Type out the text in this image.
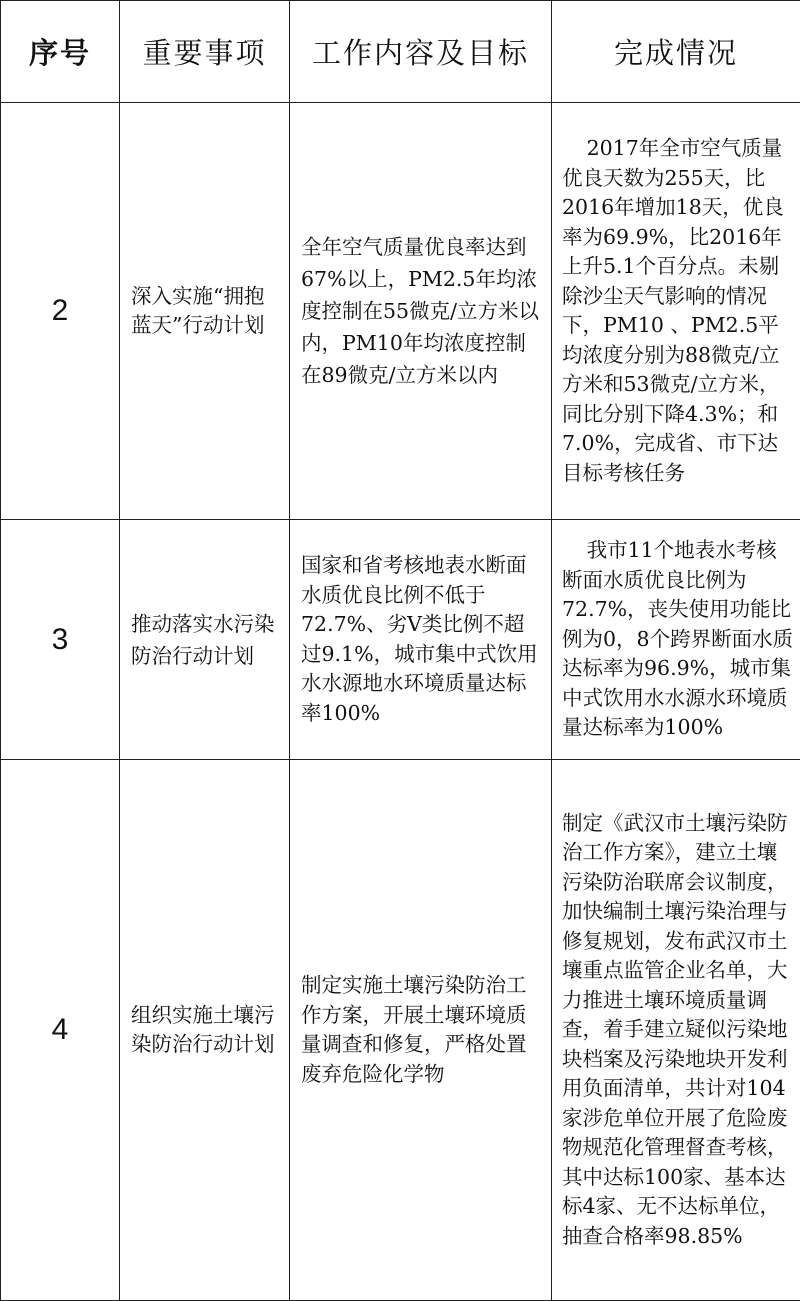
序号	重要事项	工作内容及目标	完成情况
2	深入实施“拥抱蓝天”行动计划	全年空气质量优良率达到67%以上，PM2.5年均浓度控制在55微克/立方米以内，PM10年均浓度控制在89微克/立方米以内	2017年全市空气质量优良天数为255天，比2016年增加18天，优良率为69.9%，比2016年上升5.1个百分点。未剔除沙尘天气影响的情况下，PM10 、PM2.5平均浓度分别为88微克/立方米和53微克/立方米，同比分别下降4.3%；和7.0%，完成省、市下达目标考核任务

3	推动落实水污染防治行动计划	国家和省考核地表水断面水质优良比例不低于72.7%、劣Ⅴ类比例不超过9.1%，城市集中式饮用水水源地水环境质量达标率100%	我市11个地表水考核断面水质优良比例为72.7%，丧失使用功能比例为0，8个跨界断面水质达标率为96.9%，城市集中式饮用水水源水环境质量达标率为100%

4	组织实施土壤污染防治行动计划	制定实施土壤污染防治工作方案，开展土壤环境质量调查和修复，严格处置废弃危险化学物	制定《武汉市土壤污染防治工作方案》，建立土壤污染防治联席会议制度，加快编制土壤污染治理与修复规划，发布武汉市土壤重点监管企业名单，大力推进土壤环境质量调查，着手建立疑似污染地块档案及污染地块开发利用负面清单，共计对104家涉危单位开展了危险废物规范化管理督查考核，其中达标100家、基本达标4家、无不达标单位，抽查合格率98.85%
